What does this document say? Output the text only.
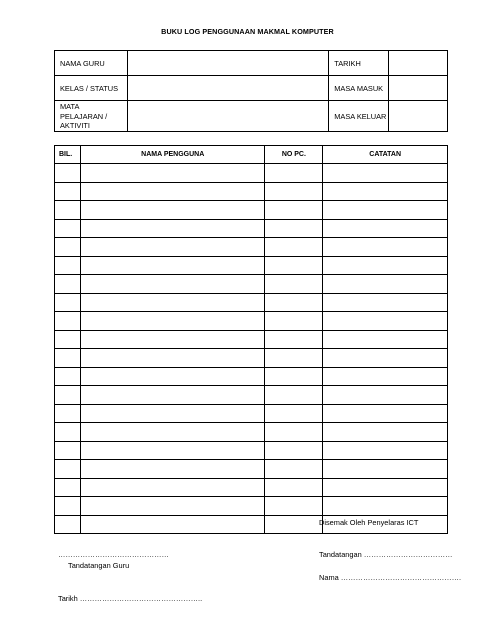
BUKU LOG PENGGUNAAN MAKMAL KOMPUTER
NAMA GURU		TARIKH	
KELAS / STATUS		MASA MASUK	
MATA
PELAJARAN /
AKTIVITI		MASA KELUAR	
BIL.	NAMA PENGGUNA	NO PC.	CATATAN

Disemak Oleh Penyelaras ICT
………………………………………
Tandatangan Guru
Tandatangan ………………………………
Nama ………………………………………….
Tarikh …………………………………………..
